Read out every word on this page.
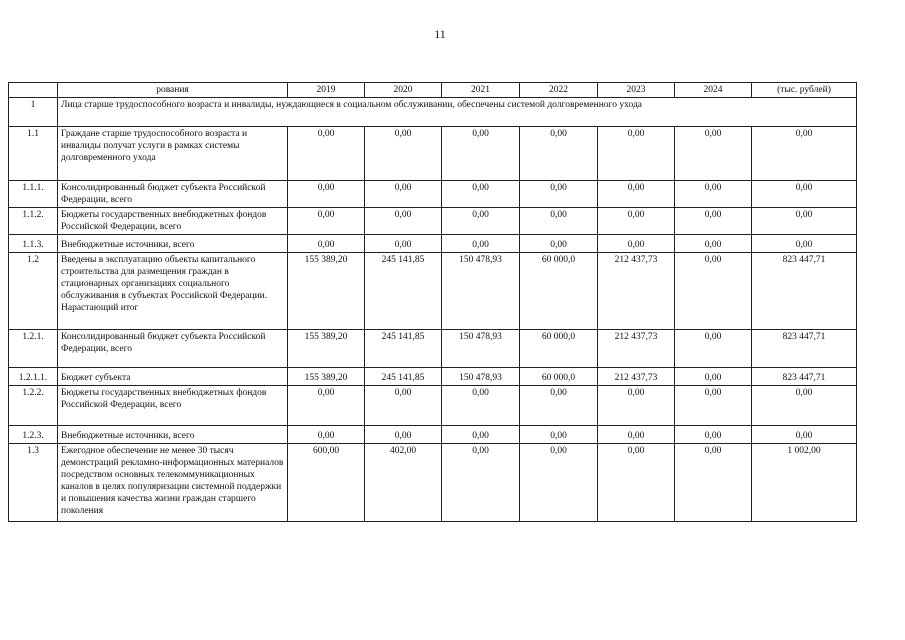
11
	рования	2019	2020	2021	2022	2023	2024	(тыс. рублей)
1	Лица старше трудоспособного возраста и инвалиды, нуждающиеся в социальном обслуживании, обеспечены системой долговременного ухода							
1.1	Граждане старше трудоспособного возраста и инвалиды получат услуги в рамках системы долговременного ухода	0,00	0,00	0,00	0,00	0,00	0,00	0,00
1.1.1.	Консолидированный бюджет субъекта Российской Федерации, всего	0,00	0,00	0,00	0,00	0,00	0,00	0,00
1.1.2.	Бюджеты государственных внебюджетных фондов Российской Федерации, всего	0,00	0,00	0,00	0,00	0,00	0,00	0,00
1.1.3.	Внебюджетные источники, всего	0,00	0,00	0,00	0,00	0,00	0,00	0,00
1.2	Введены в эксплуатацию объекты капитального строительства для размещения граждан в стационарных организациях социального обслуживания в субъектах Российской Федерации. Нарастающий итог	155 389,20	245 141,85	150 478,93	60 000,0	212 437,73	0,00	823 447,71
1.2.1.	Консолидированный бюджет субъекта Российской Федерации, всего	155 389,20	245 141,85	150 478,93	60 000,0	212 437,73	0,00	823 447,71
1.2.1.1.	Бюджет субъекта	155 389,20	245 141,85	150 478,93	60 000,0	212 437,73	0,00	823 447,71
1.2.2.	Бюджеты государственных внебюджетных фондов Российской Федерации, всего	0,00	0,00	0,00	0,00	0,00	0,00	0,00
1.2.3.	Внебюджетные источники, всего	0,00	0,00	0,00	0,00	0,00	0,00	0,00
1.3	Ежегодное обеспечение не менее 30 тысяч демонстраций рекламно-информационных материалов посредством основных телекоммуникационных каналов в целях популяризации системной поддержки и повышения качества жизни граждан старшего поколения	600,00	402,00	0,00	0,00	0,00	0,00	1 002,00
